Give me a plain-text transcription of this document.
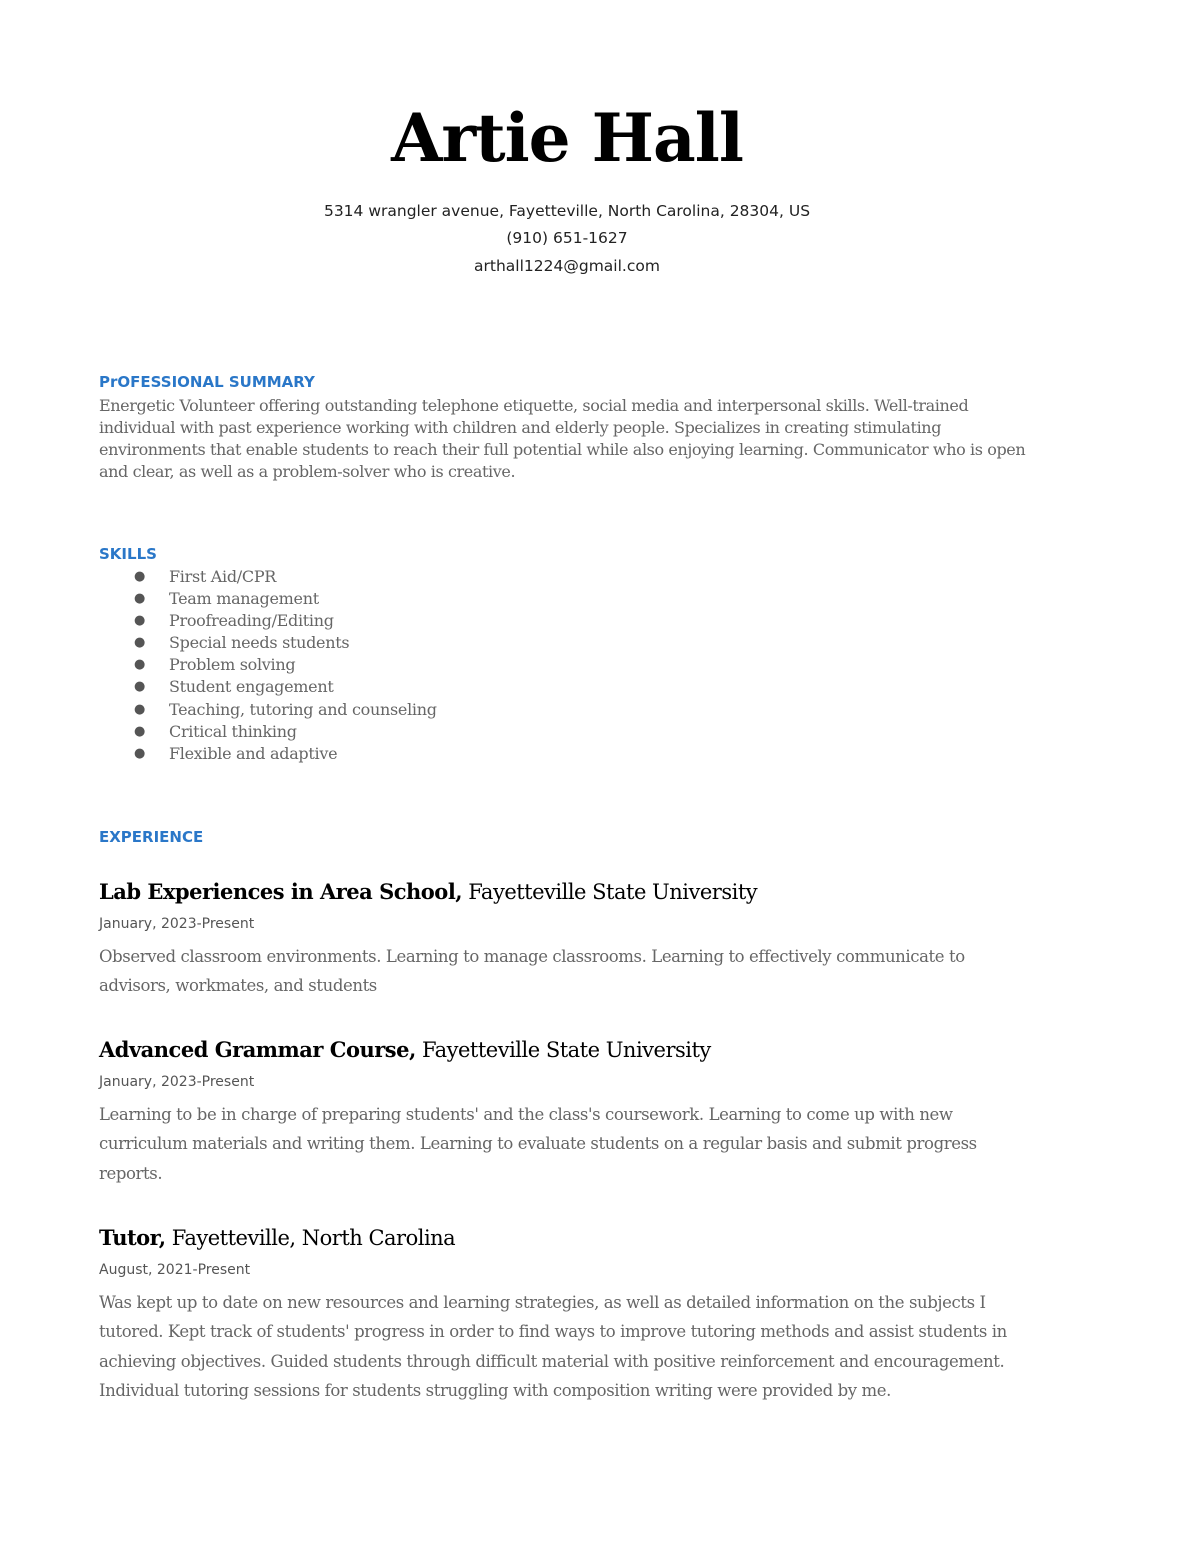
Artie Hall
5314 wrangler avenue, Fayetteville, North Carolina, 28304, US
(910) 651-1627
arthall1224@gmail.com
PrOFESSIONAL SUMMARY

Energetic Volunteer offering outstanding telephone etiquette, social media and interpersonal skills. Well-trained individual with past experience working with children and elderly people. Specializes in creating stimulating environments that enable students to reach their full potential while also enjoying learning. Communicator who is open and clear, as well as a problem-solver who is creative.

SKILLS
● First Aid/CPR
● Team management
● Proofreading/Editing
● Special needs students
● Problem solving
● Student engagement
● Teaching, tutoring and counseling
● Critical thinking
● Flexible and adaptive
EXPERIENCE
Lab Experiences in Area School, Fayetteville State University
January, 2023-Present
Observed classroom environments. Learning to manage classrooms. Learning to effectively communicate to advisors, workmates, and students
Advanced Grammar Course, Fayetteville State University
January, 2023-Present
Learning to be in charge of preparing students' and the class's coursework. Learning to come up with new curriculum materials and writing them. Learning to evaluate students on a regular basis and submit progress reports.
Tutor, Fayetteville, North Carolina
August, 2021-Present
Was kept up to date on new resources and learning strategies, as well as detailed information on the subjects I tutored. Kept track of students' progress in order to find ways to improve tutoring methods and assist students in achieving objectives. Guided students through difficult material with positive reinforcement and encouragement. Individual tutoring sessions for students struggling with composition writing were provided by me.
